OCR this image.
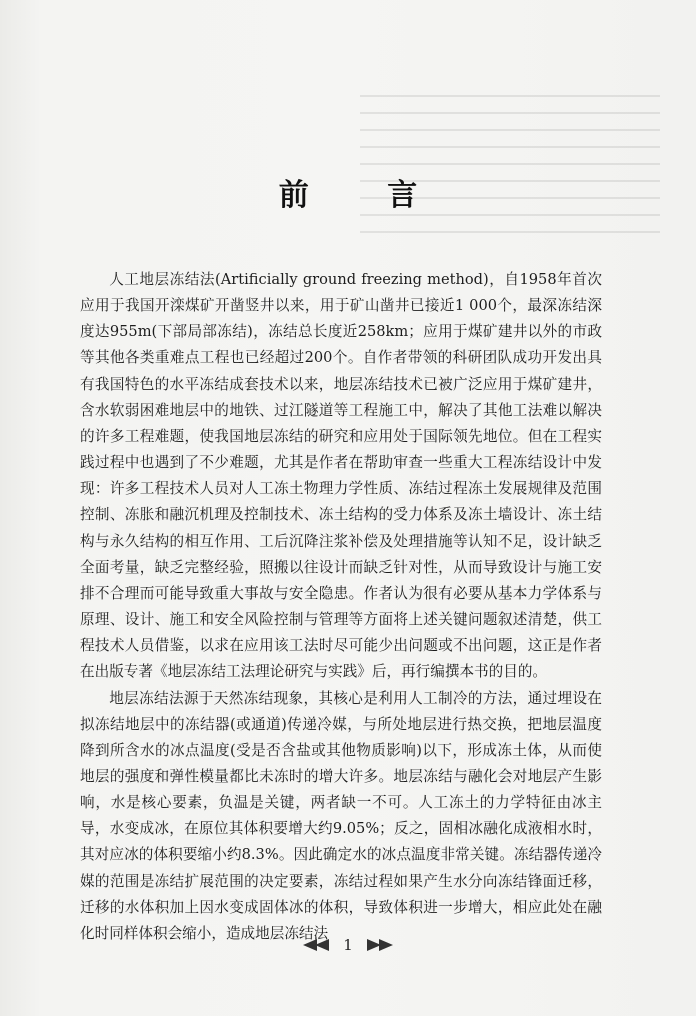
前 言

人工地层冻结法(Artificially ground freezing method)，自1958年首次应用于我国开滦煤矿开凿竖井以来，用于矿山凿井已接近1 000个，最深冻结深度达955m(下部局部冻结)，冻结总长度近258km；应用于煤矿建井以外的市政等其他各类重难点工程也已经超过200个。自作者带领的科研团队成功开发出具有我国特色的水平冻结成套技术以来，地层冻结技术已被广泛应用于煤矿建井，含水软弱困难地层中的地铁、过江隧道等工程施工中，解决了其他工法难以解决的许多工程难题，使我国地层冻结的研究和应用处于国际领先地位。但在工程实践过程中也遇到了不少难题，尤其是作者在帮助审查一些重大工程冻结设计中发现：许多工程技术人员对人工冻土物理力学性质、冻结过程冻土发展规律及范围控制、冻胀和融沉机理及控制技术、冻土结构的受力体系及冻土墙设计、冻土结构与永久结构的相互作用、工后沉降注浆补偿及处理措施等认知不足，设计缺乏全面考量，缺乏完整经验，照搬以往设计而缺乏针对性，从而导致设计与施工安排不合理而可能导致重大事故与安全隐患。作者认为很有必要从基本力学体系与原理、设计、施工和安全风险控制与管理等方面将上述关键问题叙述清楚，供工程技术人员借鉴，以求在应用该工法时尽可能少出问题或不出问题，这正是作者在出版专著《地层冻结工法理论研究与实践》后，再行编撰本书的目的。

地层冻结法源于天然冻结现象，其核心是利用人工制冷的方法，通过埋设在拟冻结地层中的冻结器(或通道)传递冷媒，与所处地层进行热交换，把地层温度降到所含水的冰点温度(受是否含盐或其他物质影响)以下，形成冻土体，从而使地层的强度和弹性模量都比未冻时的增大许多。地层冻结与融化会对地层产生影响，水是核心要素，负温是关键，两者缺一不可。人工冻土的力学特征由冰主导，水变成冰，在原位其体积要增大约9.05%；反之，固相冰融化成液相水时，其对应冰的体积要缩小约8.3%。因此确定水的冰点温度非常关键。冻结器传递冷媒的范围是冻结扩展范围的决定要素，冻结过程如果产生水分向冻结锋面迁移，迁移的水体积加上因水变成固体冰的体积，导致体积进一步增大，相应此处在融化时同样体积会缩小，造成地层冻结法

1
